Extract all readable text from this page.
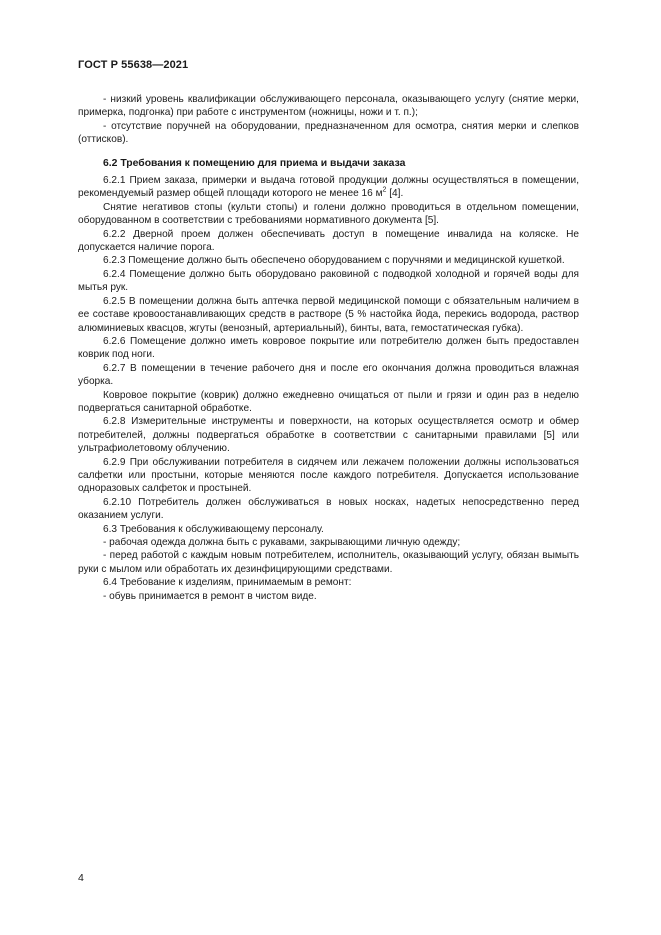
ГОСТ Р 55638—2021

- низкий уровень квалификации обслуживающего персонала, оказывающего услугу (снятие мерки, примерка, подгонка) при работе с инструментом (ножницы, ножи и т. п.);

- отсутствие поручней на оборудовании, предназначенном для осмотра, снятия мерки и слепков (оттисков).

6.2 Требования к помещению для приема и выдачи заказа

6.2.1 Прием заказа, примерки и выдача готовой продукции должны осуществляться в помещении, рекомендуемый размер общей площади которого не менее 16 $м^2$ [4].

Снятие негативов стопы (культи стопы) и голени должно проводиться в отдельном помещении, оборудованном в соответствии с требованиями нормативного документа [5].

6.2.2 Дверной проем должен обеспечивать доступ в помещение инвалида на коляске. Не допускается наличие порога.

6.2.3 Помещение должно быть обеспечено оборудованием с поручнями и медицинской кушеткой.

6.2.4 Помещение должно быть оборудовано раковиной с подводкой холодной и горячей воды для мытья рук.

6.2.5 В помещении должна быть аптечка первой медицинской помощи с обязательным наличием в ее составе кровоостанавливающих средств в растворе (5 % настойка йода, перекись водорода, раствор алюминиевых квасцов, жгуты (венозный, артериальный), бинты, вата, гемостатическая губка).

6.2.6 Помещение должно иметь ковровое покрытие или потребителю должен быть предоставлен коврик под ноги.

6.2.7 В помещении в течение рабочего дня и после его окончания должна проводиться влажная уборка.

Ковровое покрытие (коврик) должно ежедневно очищаться от пыли и грязи и один раз в неделю подвергаться санитарной обработке.

6.2.8 Измерительные инструменты и поверхности, на которых осуществляется осмотр и обмер потребителей, должны подвергаться обработке в соответствии с санитарными правилами [5] или ультрафиолетовому облучению.

6.2.9 При обслуживании потребителя в сидячем или лежачем положении должны использоваться салфетки или простыни, которые меняются после каждого потребителя. Допускается использование одноразовых салфеток и простыней.

6.2.10 Потребитель должен обслуживаться в новых носках, надетых непосредственно перед оказанием услуги.

6.3 Требования к обслуживающему персоналу.

- рабочая одежда должна быть с рукавами, закрывающими личную одежду;

- перед работой с каждым новым потребителем, исполнитель, оказывающий услугу, обязан вымыть руки с мылом или обработать их дезинфицирующими средствами.

6.4 Требование к изделиям, принимаемым в ремонт:

- обувь принимается в ремонт в чистом виде.

4
